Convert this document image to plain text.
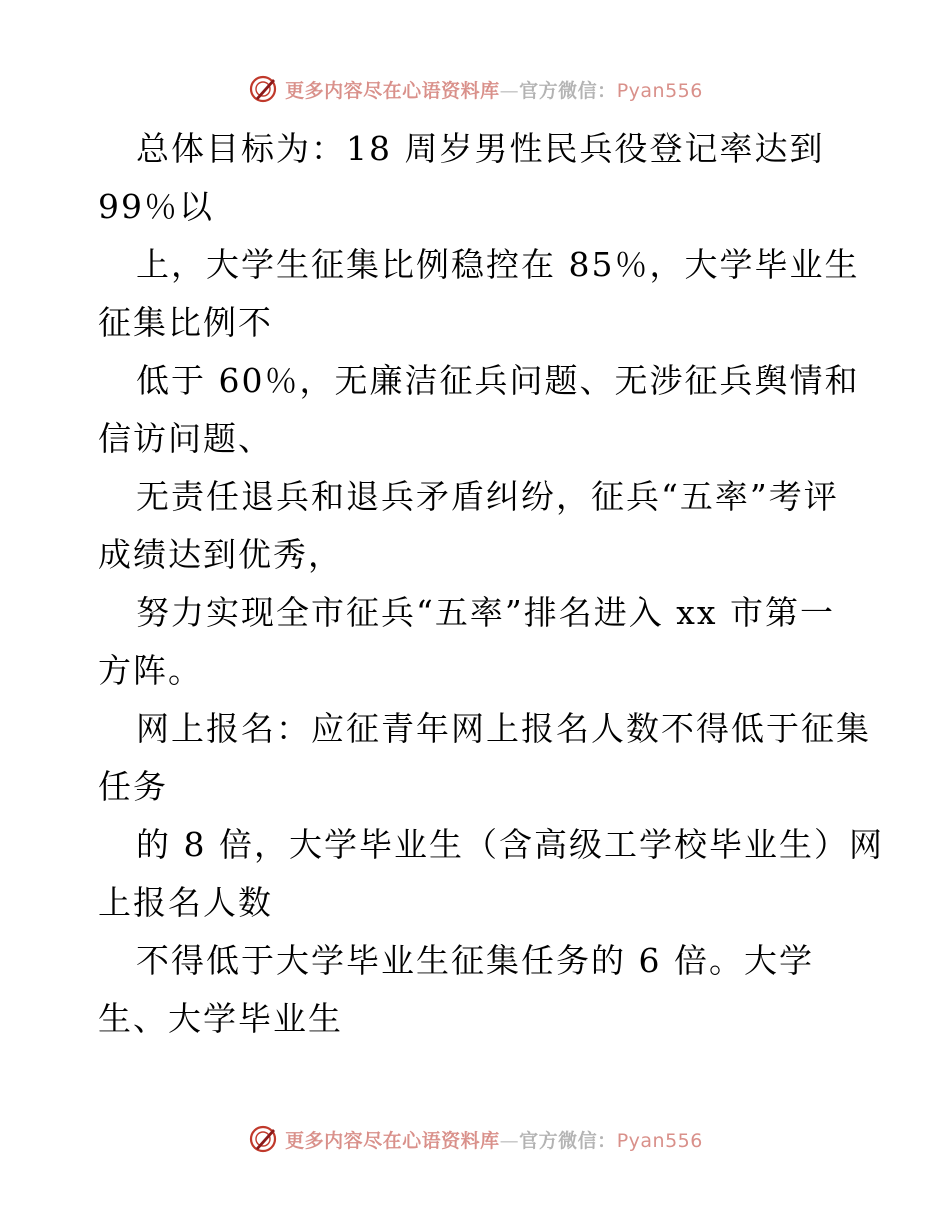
更多内容尽在心语资料库—官方微信：Pyan556
总体目标为：18 周岁男性民兵役登记率达到
99％以
上，大学生征集比例稳控在 85％，大学毕业生
征集比例不
低于 60％，无廉洁征兵问题、无涉征兵舆情和
信访问题、
无责任退兵和退兵矛盾纠纷，征兵“五率”考评
成绩达到优秀，
努力实现全市征兵“五率”排名进入 xx 市第一
方阵。
网上报名：应征青年网上报名人数不得低于征集
任务
的 8 倍，大学毕业生（含高级工学校毕业生）网
上报名人数
不得低于大学毕业生征集任务的 6 倍。大学
生、大学毕业生
更多内容尽在心语资料库—官方微信：Pyan556
